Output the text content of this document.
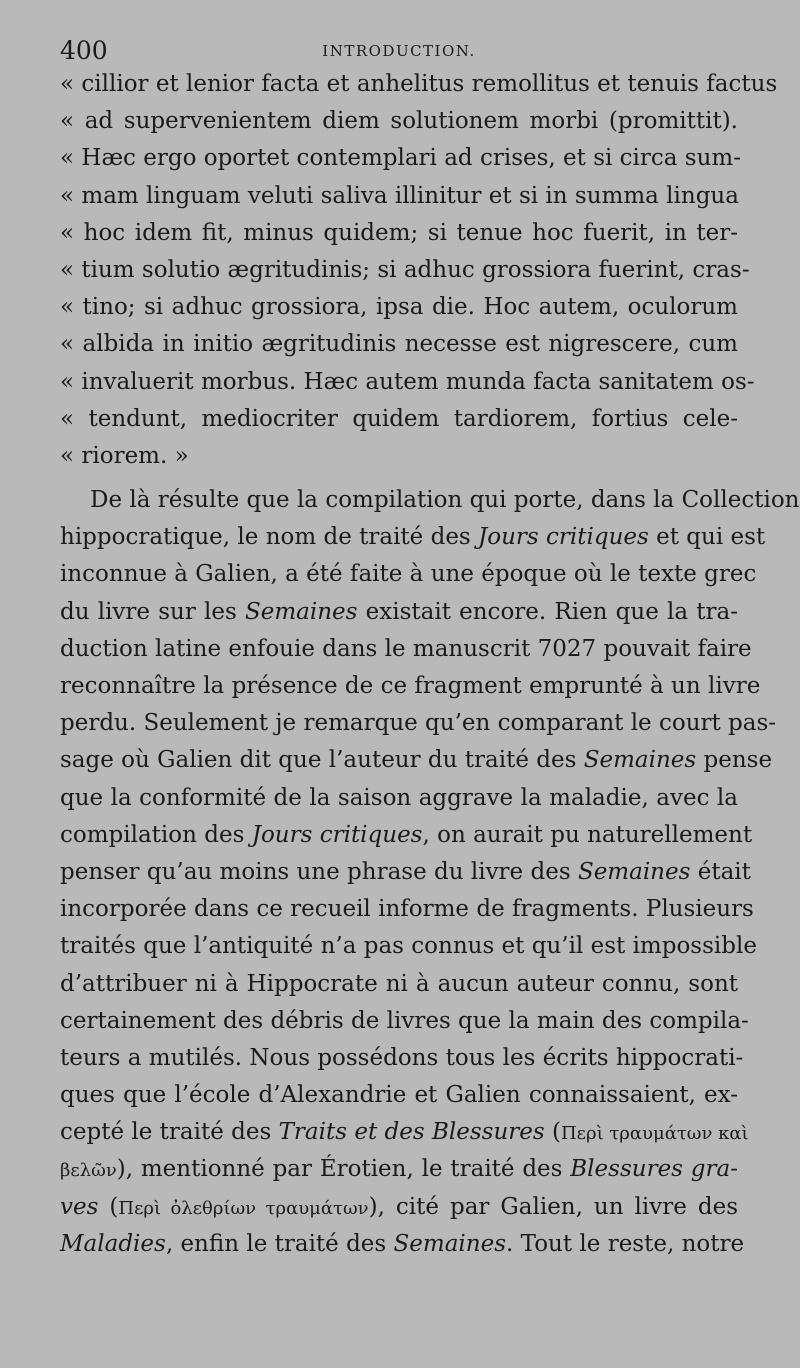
400	INTRODUCTION.
« cillior et lenior facta et anhelitus remollitus et tenuis factus
« ad superveniente‍m diem solutionem morbi (promittit).
« Hæc ergo oportet contemplari ad crises, et si circa sum-
« mam linguam veluti saliva illinitur et si in summa lingua
« hoc idem fit, minus quidem; si tenue hoc fuerit, in ter-
« tium solutio ægritudinis; si adhuc grossiora fuerint, cras-
« tino; si adhuc grossiora, ipsa die. Hoc autem, oculorum
« albida in initio ægritudinis necesse est nigrescere, cum
« invaluerit morbus. Hæc autem munda facta sanitatem os-
« tendunt, mediocriter quidem tardiorem, fortius cele-
« riorem. »
De là résulte que la compilation qui porte, dans la Collection
hippocratique, le nom de traité des Jours critiques et qui est
inconnue à Galien, a été faite à une époque où le texte grec
du livre sur les Semaines existait encore. Rien que la tra-
duction latine enfouie dans le manuscrit 7027 pouvait faire
reconnaître la présence de ce fragment emprunté à un livre
perdu. Seulement je remarque qu’en comparant le court pas-
sage où Galien dit que l’auteur du traité des Semaines pense
que la conformité de la saison aggrave la maladie, avec la
compilation des Jours critiques, on aurait pu naturellement
penser qu’au moins une phrase du livre des Semaines était
incorporée dans ce recueil informe de fragments. Plusieurs
traités que l’antiquité n’a pas connus et qu’il est impossible
d’attribuer ni à Hippocrate ni à aucun auteur connu, sont
certainement des débris de livres que la main des compila-
teurs a mutilés. Nous possédons tous les écrits hippocrati-
ques que l’école d’Alexandrie et Galien connaissaient, ex-
cepté le traité des Traits et des Blessures (Περὶ τραυμάτων καὶ
βελῶν), mentionné par Érotien, le traité des Blessures gra-
ves (Περὶ ὀλεθρίων τραυμάτων), cité par Galien, un livre des
Maladies, enfin le traité des Semaines. Tout le reste, notre
